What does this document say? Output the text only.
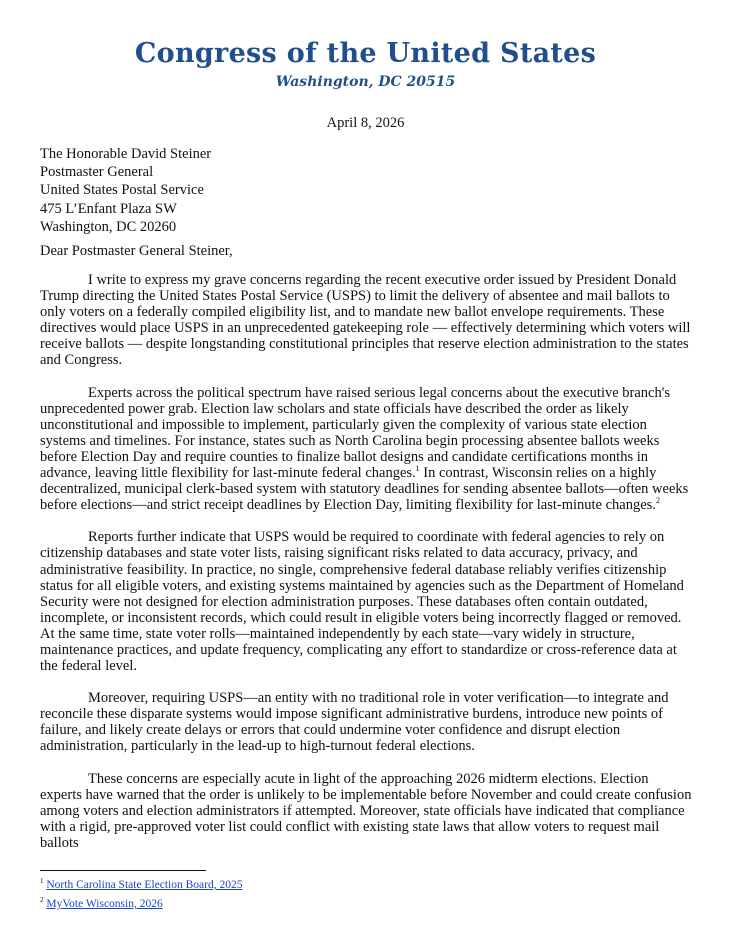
Congress of the United States
Washington, DC 20515
April 8, 2026
The Honorable David Steiner
Postmaster General
United States Postal Service
475 L’Enfant Plaza SW
Washington, DC 20260
Dear Postmaster General Steiner,

I write to express my grave concerns regarding the recent executive order issued by President Donald Trump directing the United States Postal Service (USPS) to limit the delivery of absentee and mail ballots to only voters on a federally compiled eligibility list, and to mandate new ballot envelope requirements. These directives would place USPS in an unprecedented gatekeeping role — effectively determining which voters will receive ballots — despite longstanding constitutional principles that reserve election administration to the states and Congress.

Experts across the political spectrum have raised serious legal concerns about the executive branch's unprecedented power grab. Election law scholars and state officials have described the order as likely unconstitutional and impossible to implement, particularly given the complexity of various state election systems and timelines. For instance, states such as North Carolina begin processing absentee ballots weeks before Election Day and require counties to finalize ballot designs and candidate certifications months in advance, leaving little flexibility for last-minute federal changes.$^1$ In contrast, Wisconsin relies on a highly decentralized, municipal clerk-based system with statutory deadlines for sending absentee ballots—often weeks before elections—and strict receipt deadlines by Election Day, limiting flexibility for last-minute changes.$^2$

Reports further indicate that USPS would be required to coordinate with federal agencies to rely on citizenship databases and state voter lists, raising significant risks related to data accuracy, privacy, and administrative feasibility. In practice, no single, comprehensive federal database reliably verifies citizenship status for all eligible voters, and existing systems maintained by agencies such as the Department of Homeland Security were not designed for election administration purposes. These databases often contain outdated, incomplete, or inconsistent records, which could result in eligible voters being incorrectly flagged or removed. At the same time, state voter rolls—maintained independently by each state—vary widely in structure, maintenance practices, and update frequency, complicating any effort to standardize or cross-reference data at the federal level.

Moreover, requiring USPS—an entity with no traditional role in voter verification—to integrate and reconcile these disparate systems would impose significant administrative burdens, introduce new points of failure, and likely create delays or errors that could undermine voter confidence and disrupt election administration, particularly in the lead-up to high-turnout federal elections.

These concerns are especially acute in light of the approaching 2026 midterm elections. Election experts have warned that the order is unlikely to be implementable before November and could create confusion among voters and election administrators if attempted. Moreover, state officials have indicated that compliance with a rigid, pre-approved voter list could conflict with existing state laws that allow voters to request mail ballots

$^1$ North Carolina State Election Board, 2025
$^2$ MyVote Wisconsin, 2026
